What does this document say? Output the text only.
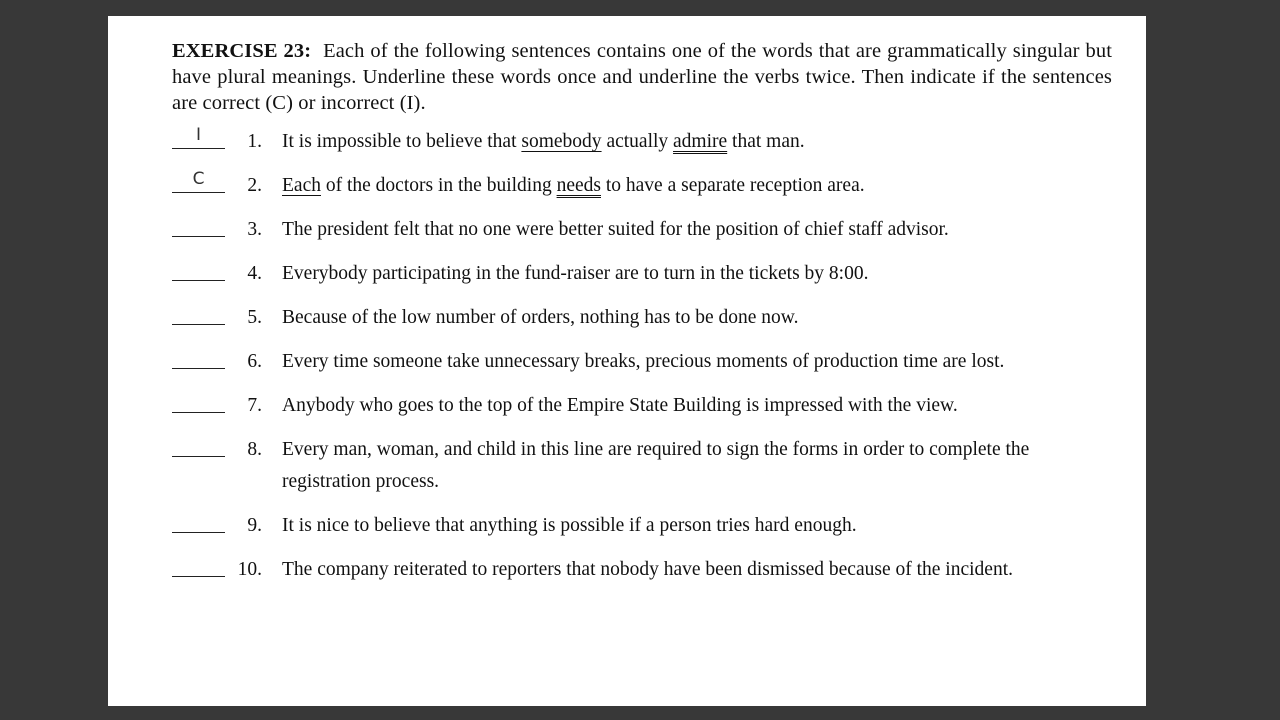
EXERCISE 23: Each of the following sentences contains one of the words that are grammatically singular but have plural meanings. Underline these words once and underline the verbs twice. Then indicate if the sentences are correct (C) or incorrect (I).

I	1. It is impossible to believe that somebody actually admire that man.
C	2. Each of the doctors in the building needs to have a separate reception area.
3. The president felt that no one were better suited for the position of chief staff advisor.
4. Everybody participating in the fund-raiser are to turn in the tickets by 8:00.
5. Because of the low number of orders, nothing has to be done now.
6. Every time someone take unnecessary breaks, precious moments of production time are lost.
7. Anybody who goes to the top of the Empire State Building is impressed with the view.
8. Every man, woman, and child in this line are required to sign the forms in order to complete the registration process.
9. It is nice to believe that anything is possible if a person tries hard enough.
10. The company reiterated to reporters that nobody have been dismissed because of the incident.
